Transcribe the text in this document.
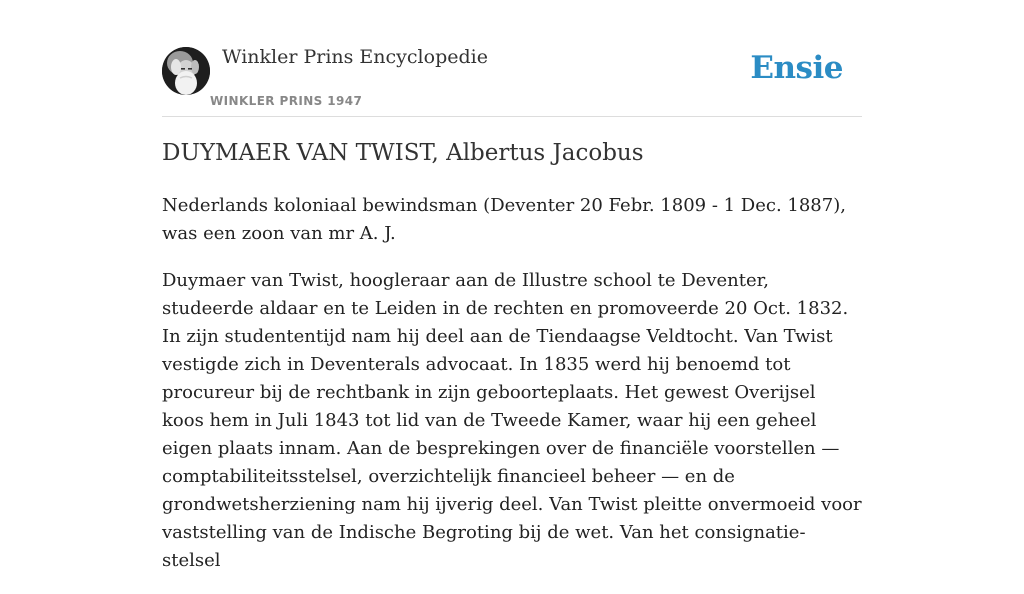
Winkler Prins Encyclopedie
WINKLER PRINS 1947
Ensie
DUYMAER VAN TWIST, Albertus Jacobus

Nederlands koloniaal bewindsman (Deventer 20 Febr. 1809 - 1 Dec. 1887), was een zoon van mr A. J.

Duymaer van Twist, hoogleraar aan de Illustre school te Deventer, studeerde aldaar en te Leiden in de rechten en promoveerde 20 Oct. 1832. In zijn studententijd nam hij deel aan de Tiendaagse Veldtocht. Van Twist vestigde zich in Deventerals advocaat. In 1835 werd hij benoemd tot procureur bij de rechtbank in zijn geboorteplaats. Het gewest Overijsel koos hem in Juli 1843 tot lid van de Tweede Kamer, waar hij een geheel eigen plaats innam. Aan de besprekingen over de financiële voorstellen — comptabiliteitsstelsel, overzichtelijk financieel beheer — en de grondwetsherziening nam hij ijverig deel. Van Twist pleitte onvermoeid voor vaststelling van de Indische Begroting bij de wet. Van het consignatie-stelsel
